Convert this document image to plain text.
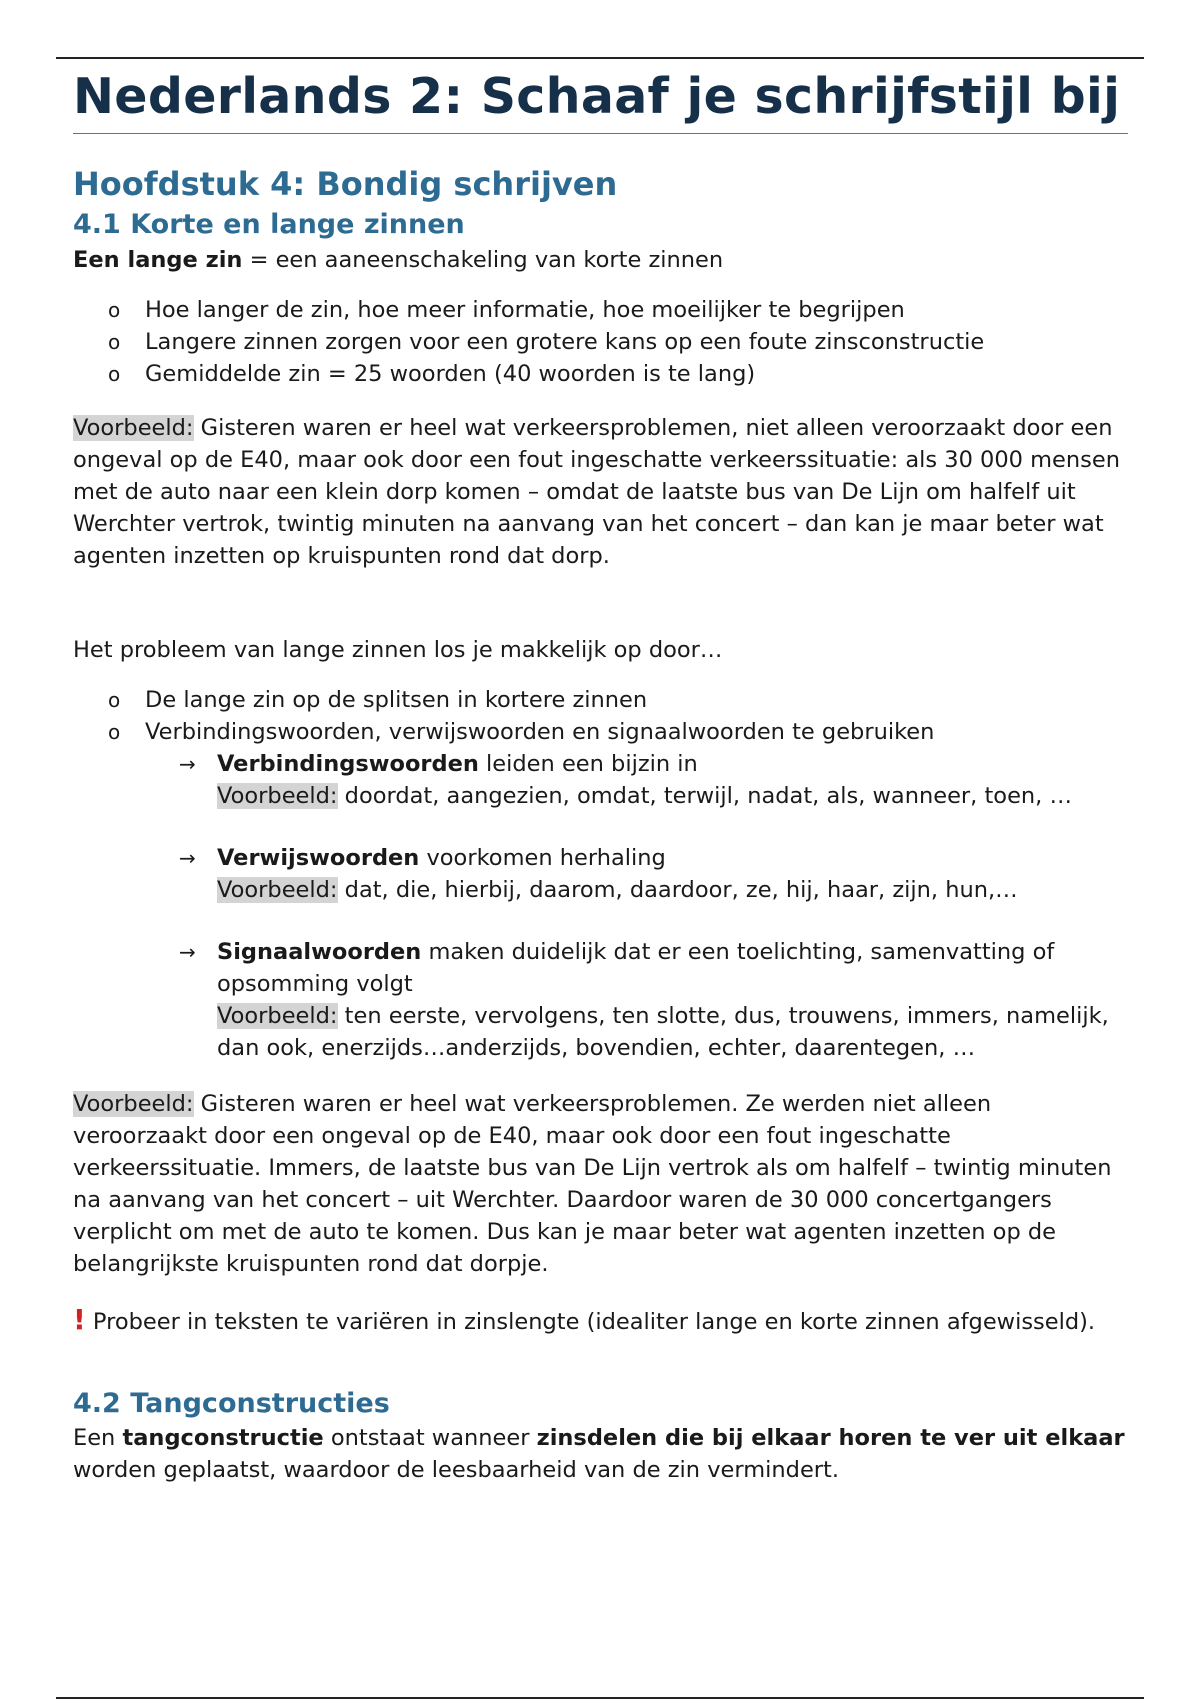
Nederlands 2: Schaaf je schrijfstijl bij
Hoofdstuk 4: Bondig schrijven
4.1 Korte en lange zinnen

Een lange zin = een aaneenschakeling van korte zinnen

o Hoe langer de zin, hoe meer informatie, hoe moeilijker te begrijpen
o Langere zinnen zorgen voor een grotere kans op een foute zinsconstructie
o Gemiddelde zin = 25 woorden (40 woorden is te lang)

Voorbeeld: Gisteren waren er heel wat verkeersproblemen, niet alleen veroorzaakt door een ongeval op de E40, maar ook door een fout ingeschatte verkeerssituatie: als 30 000 mensen met de auto naar een klein dorp komen – omdat de laatste bus van De Lijn om halfelf uit Werchter vertrok, twintig minuten na aanvang van het concert – dan kan je maar beter wat agenten inzetten op kruispunten rond dat dorp.

Het probleem van lange zinnen los je makkelijk op door…

o De lange zin op de splitsen in kortere zinnen
o Verbindingswoorden, verwijswoorden en signaalwoorden te gebruiken
→ Verbindingswoorden leiden een bijzin in
Voorbeeld: doordat, aangezien, omdat, terwijl, nadat, als, wanneer, toen, …
→ Verwijswoorden voorkomen herhaling
Voorbeeld: dat, die, hierbij, daarom, daardoor, ze, hij, haar, zijn, hun,…
→ Signaalwoorden maken duidelijk dat er een toelichting, samenvatting of opsomming volgt
Voorbeeld: ten eerste, vervolgens, ten slotte, dus, trouwens, immers, namelijk, dan ook, enerzijds…anderzijds, bovendien, echter, daarentegen, …

Voorbeeld: Gisteren waren er heel wat verkeersproblemen. Ze werden niet alleen veroorzaakt door een ongeval op de E40, maar ook door een fout ingeschatte verkeerssituatie. Immers, de laatste bus van De Lijn vertrok als om halfelf – twintig minuten na aanvang van het concert – uit Werchter. Daardoor waren de 30 000 concertgangers verplicht om met de auto te komen. Dus kan je maar beter wat agenten inzetten op de belangrijkste kruispunten rond dat dorpje.

! Probeer in teksten te variëren in zinslengte (idealiter lange en korte zinnen afgewisseld).

4.2 Tangconstructies

Een tangconstructie ontstaat wanneer zinsdelen die bij elkaar horen te ver uit elkaar worden geplaatst, waardoor de leesbaarheid van de zin vermindert.
